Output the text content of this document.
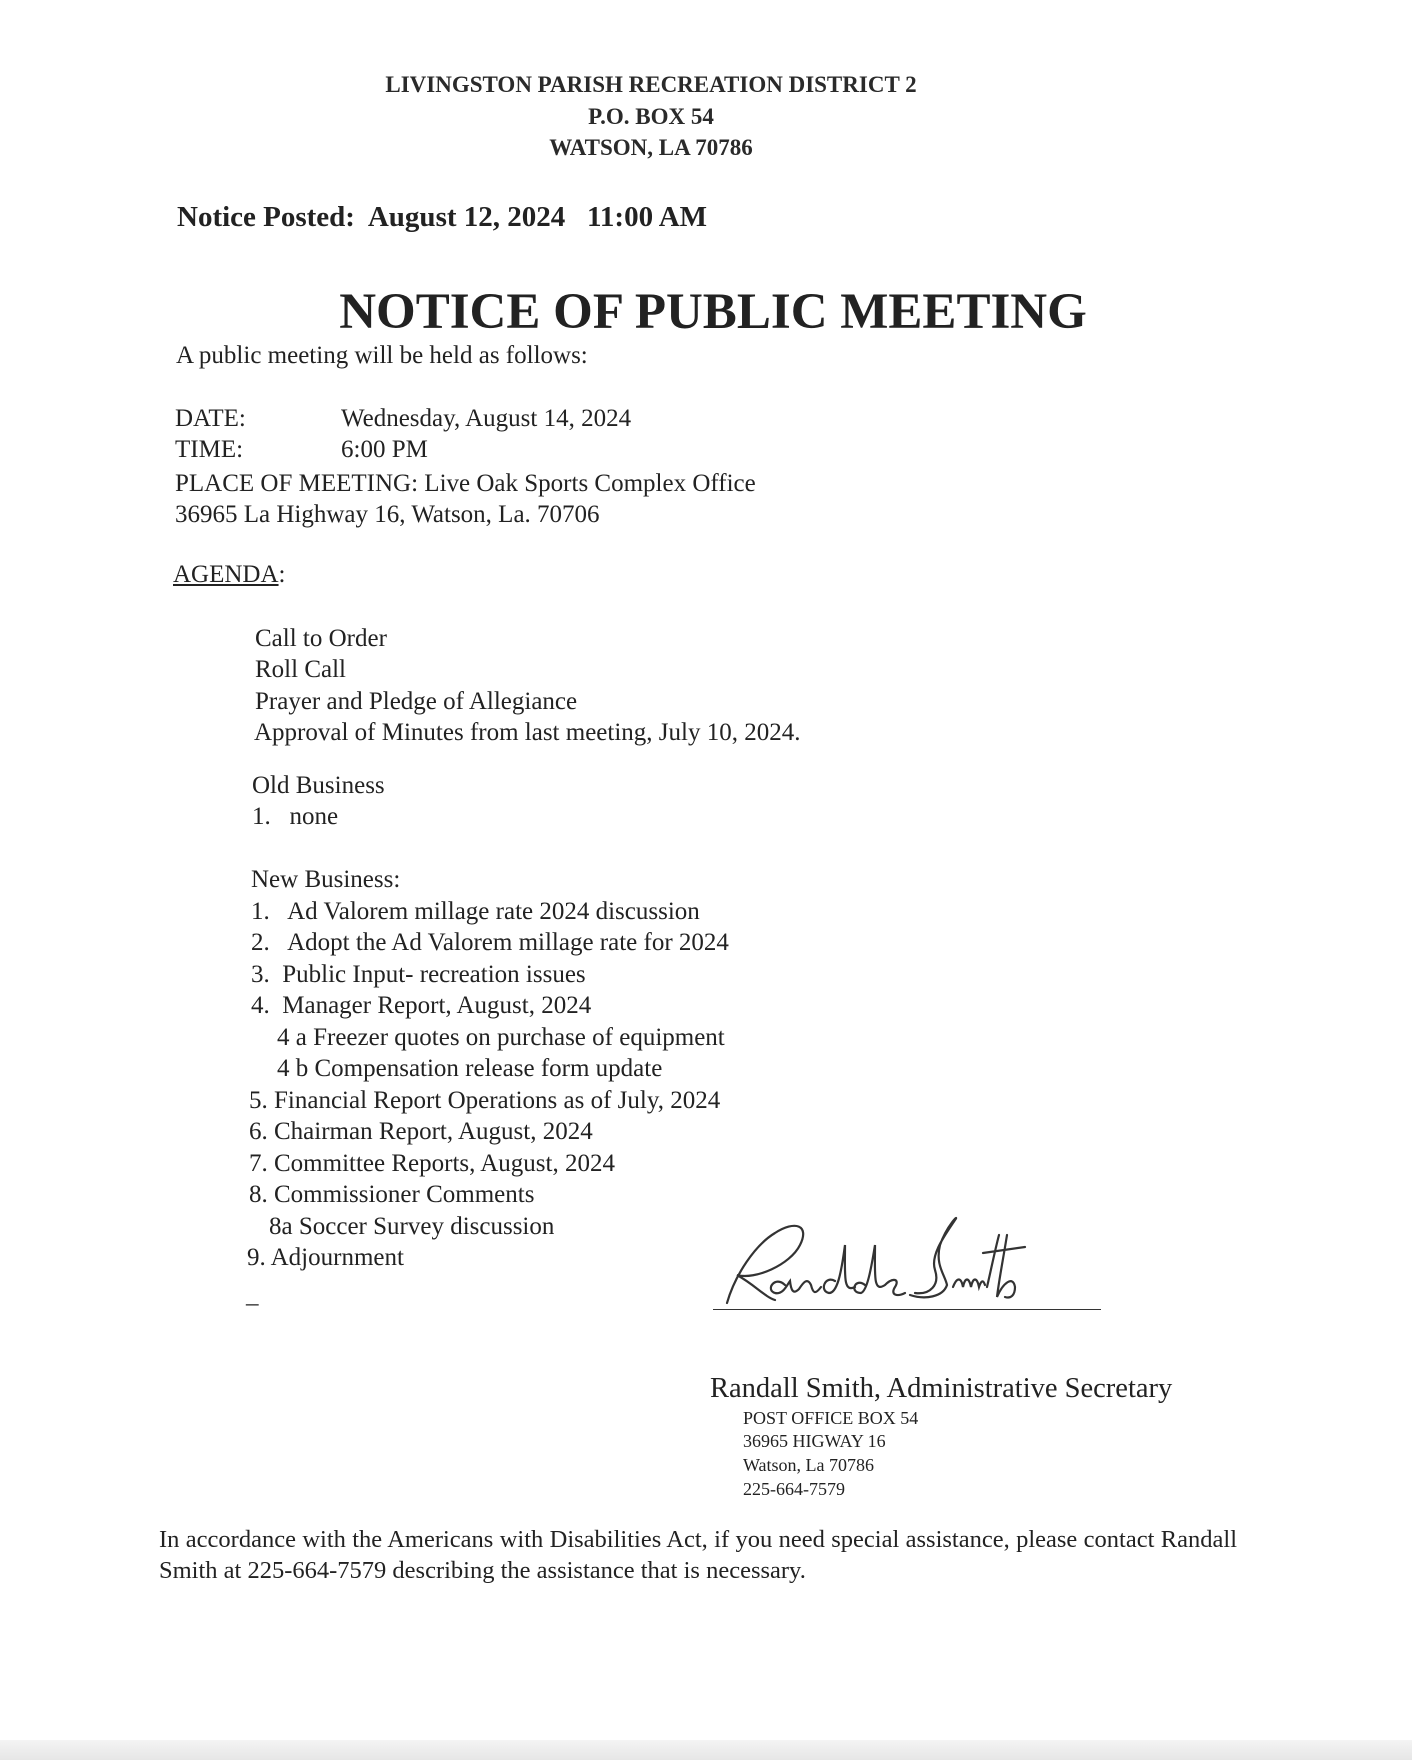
LIVINGSTON PARISH RECREATION DISTRICT 2
P.O. BOX 54
WATSON, LA 70786
Notice Posted:  August 12, 2024   11:00 AM
NOTICE OF PUBLIC MEETING
A public meeting will be held as follows:
DATE:	Wednesday, August 14, 2024
TIME:	6:00 PM
PLACE OF MEETING: Live Oak Sports Complex Office
36965 La Highway 16, Watson, La. 70706
AGENDA:
Call to Order
Roll Call
Prayer and Pledge of Allegiance
Approval of Minutes from last meeting, July 10, 2024.
Old Business
1.   none
New Business:
1.   Ad Valorem millage rate 2024 discussion
2.   Adopt the Ad Valorem millage rate for 2024
3.  Public Input- recreation issues
4.  Manager Report, August, 2024
4 a Freezer quotes on purchase of equipment
4 b Compensation release form update
5. Financial Report Operations as of July, 2024
6. Chairman Report, August, 2024
7. Committee Reports, August, 2024
8. Commissioner Comments
8a Soccer Survey discussion
9. Adjournment
_
Randall Smith, Administrative Secretary
POST OFFICE BOX 54
36965 HIGWAY 16
Watson, La 70786
225-664-7579
In accordance with the Americans with Disabilities Act, if you need special assistance, please contact Randall Smith at 225-664-7579 describing the assistance that is necessary.
